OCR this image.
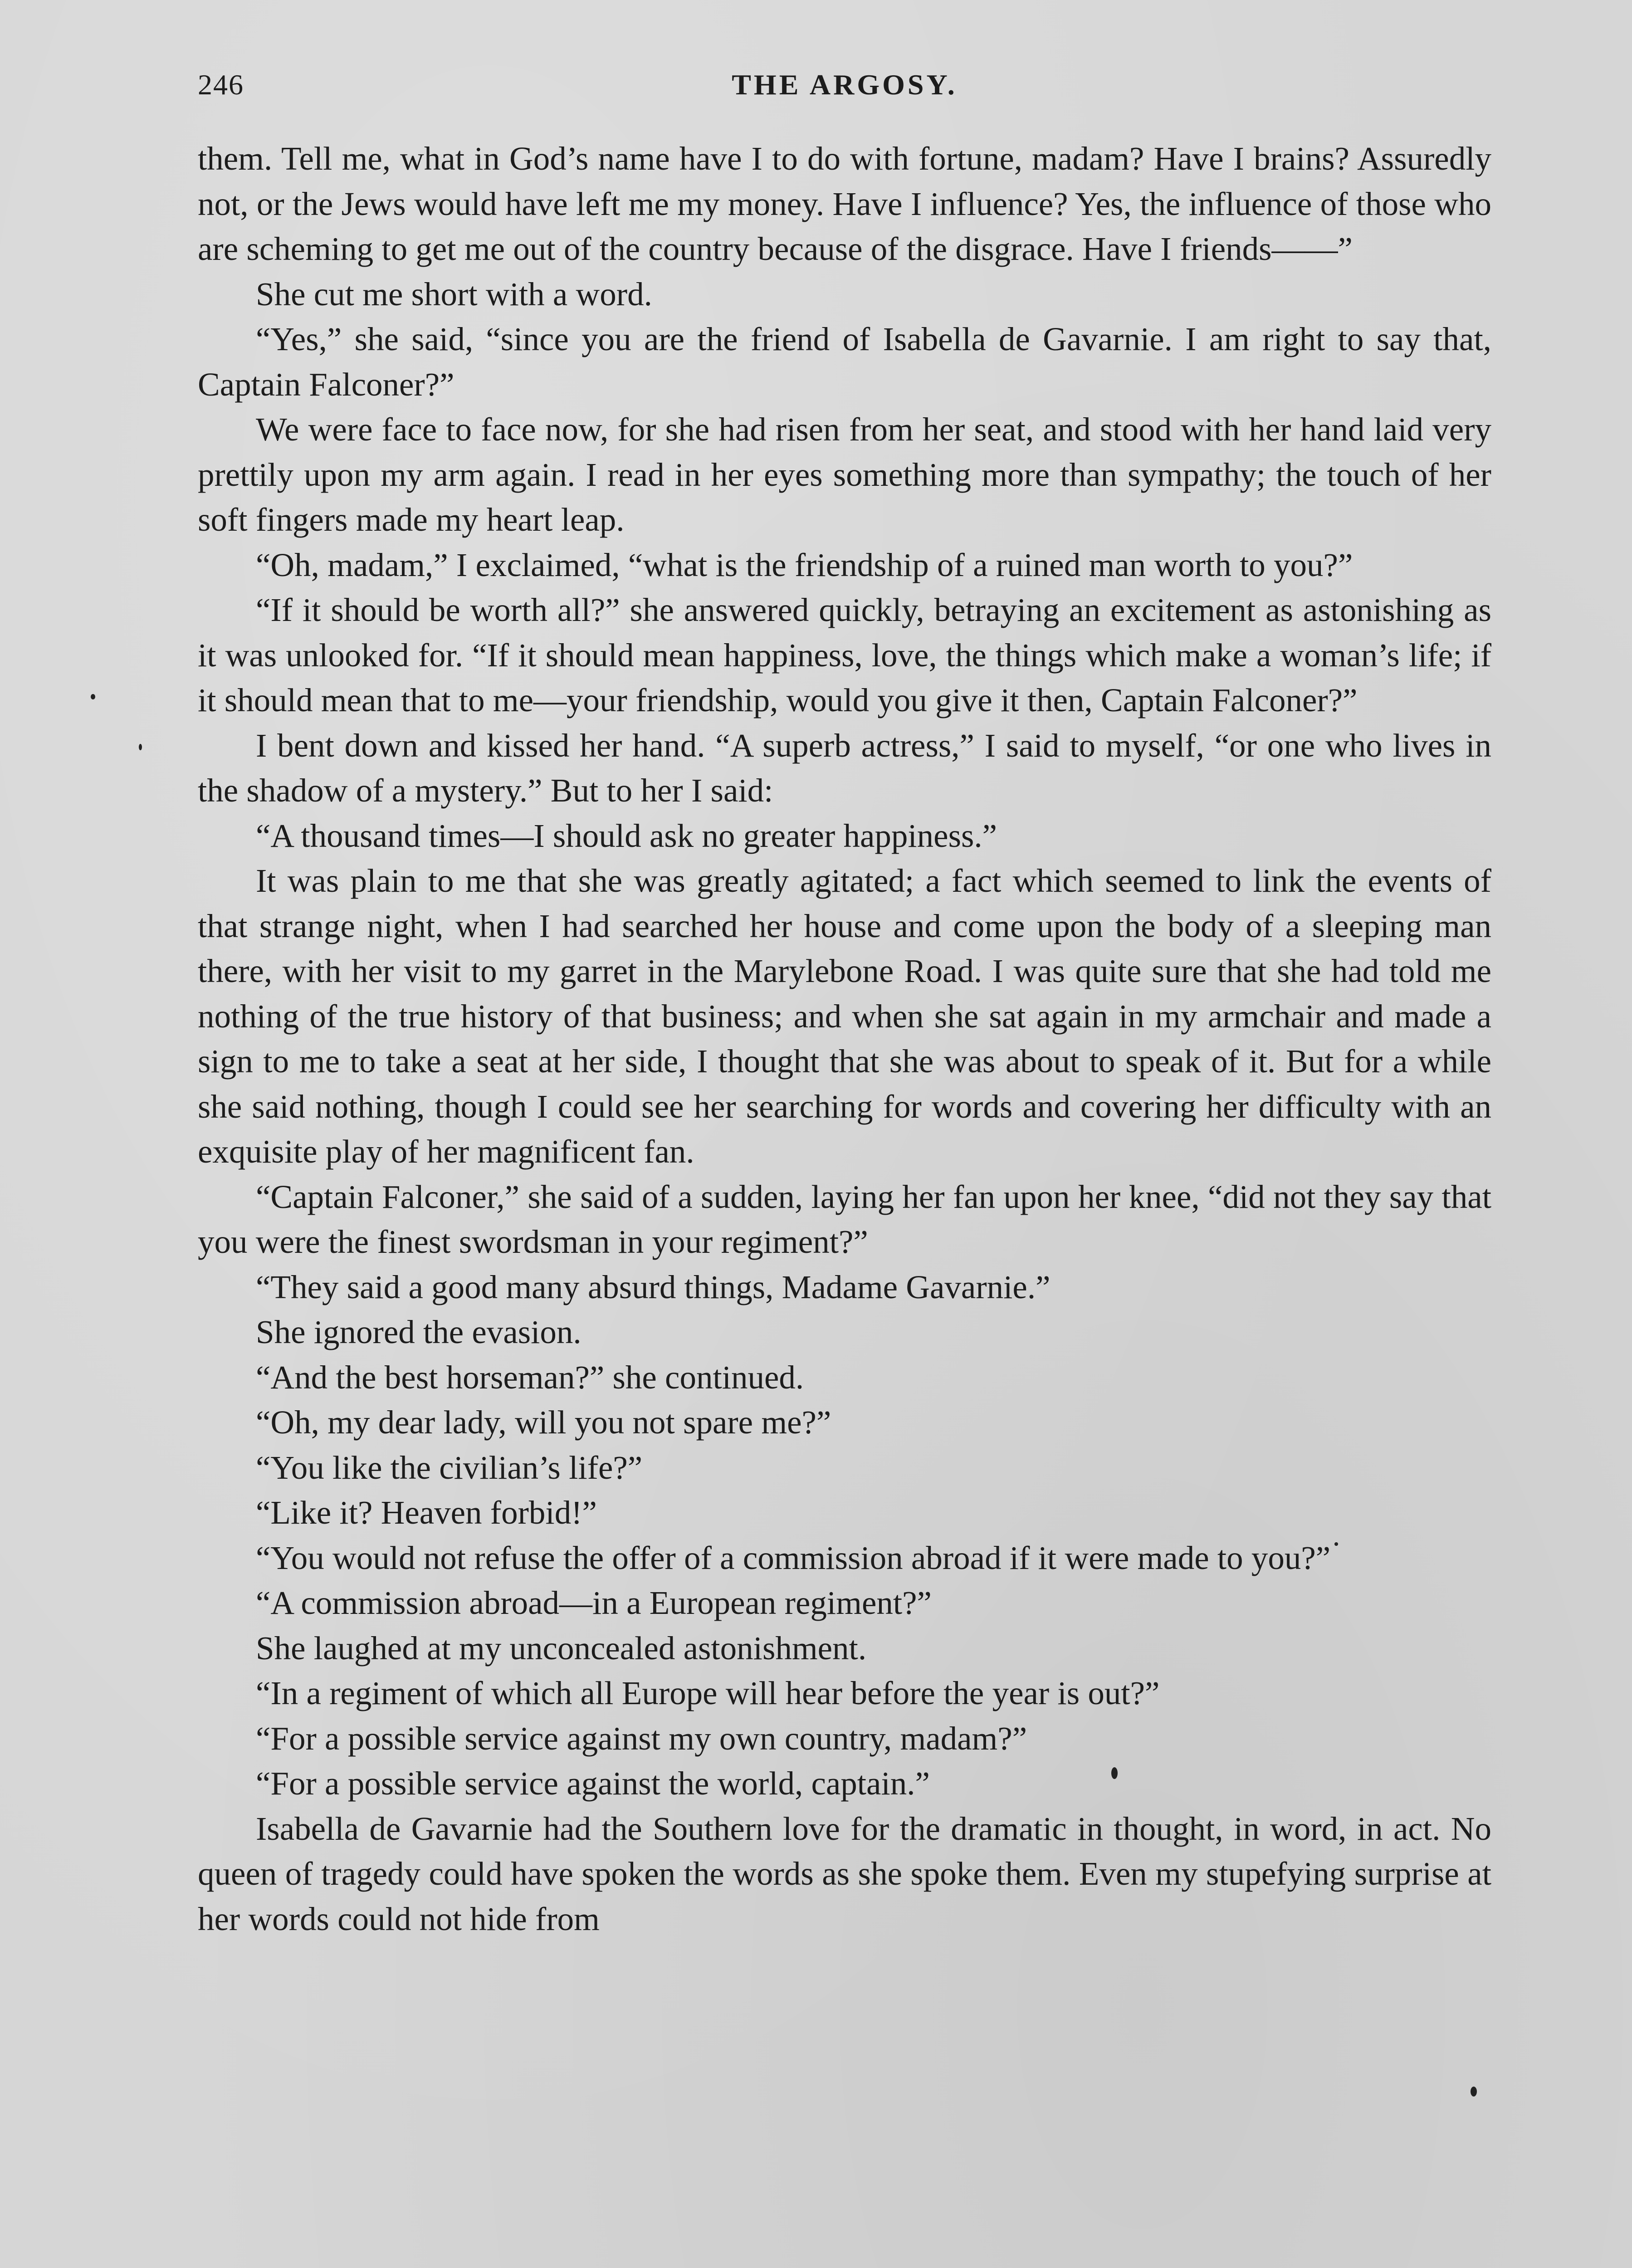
246	THE ARGOSY.

them. Tell me, what in God’s name have I to do with fortune, madam? Have I brains? Assuredly not, or the Jews would have left me my money. Have I influence? Yes, the influence of those who are scheming to get me out of the country because of the disgrace. Have I friends——”

She cut me short with a word.

“Yes,” she said, “since you are the friend of Isabella de Gavarnie. I am right to say that, Captain Falconer?”

We were face to face now, for she had risen from her seat, and stood with her hand laid very prettily upon my arm again. I read in her eyes something more than sympathy; the touch of her soft fingers made my heart leap.

“Oh, madam,” I exclaimed, “what is the friendship of a ruined man worth to you?”

“If it should be worth all?” she answered quickly, betraying an excitement as astonishing as it was unlooked for. “If it should mean happiness, love, the things which make a woman’s life; if it should mean that to me—your friendship, would you give it then, Captain Falconer?”

I bent down and kissed her hand. “A superb actress,” I said to myself, “or one who lives in the shadow of a mystery.” But to her I said:

“A thousand times—I should ask no greater happiness.”

It was plain to me that she was greatly agitated; a fact which seemed to link the events of that strange night, when I had searched her house and come upon the body of a sleeping man there, with her visit to my garret in the Marylebone Road. I was quite sure that she had told me nothing of the true history of that business; and when she sat again in my armchair and made a sign to me to take a seat at her side, I thought that she was about to speak of it. But for a while she said nothing, though I could see her searching for words and covering her difficulty with an exquisite play of her magnificent fan.

“Captain Falconer,” she said of a sudden, laying her fan upon her knee, “did not they say that you were the finest swordsman in your regiment?”

“They said a good many absurd things, Madame Gavarnie.”

She ignored the evasion.

“And the best horseman?” she continued.

“Oh, my dear lady, will you not spare me?”

“You like the civilian’s life?”

“Like it? Heaven forbid!”

“You would not refuse the offer of a commission abroad if it were made to you?”

“A commission abroad—in a European regiment?”

She laughed at my unconcealed astonishment.

“In a regiment of which all Europe will hear before the year is out?”

“For a possible service against my own country, madam?”

“For a possible service against the world, captain.”

Isabella de Gavarnie had the Southern love for the dramatic in thought, in word, in act. No queen of tragedy could have spoken the words as she spoke them. Even my stupefying surprise at her words could not hide from
